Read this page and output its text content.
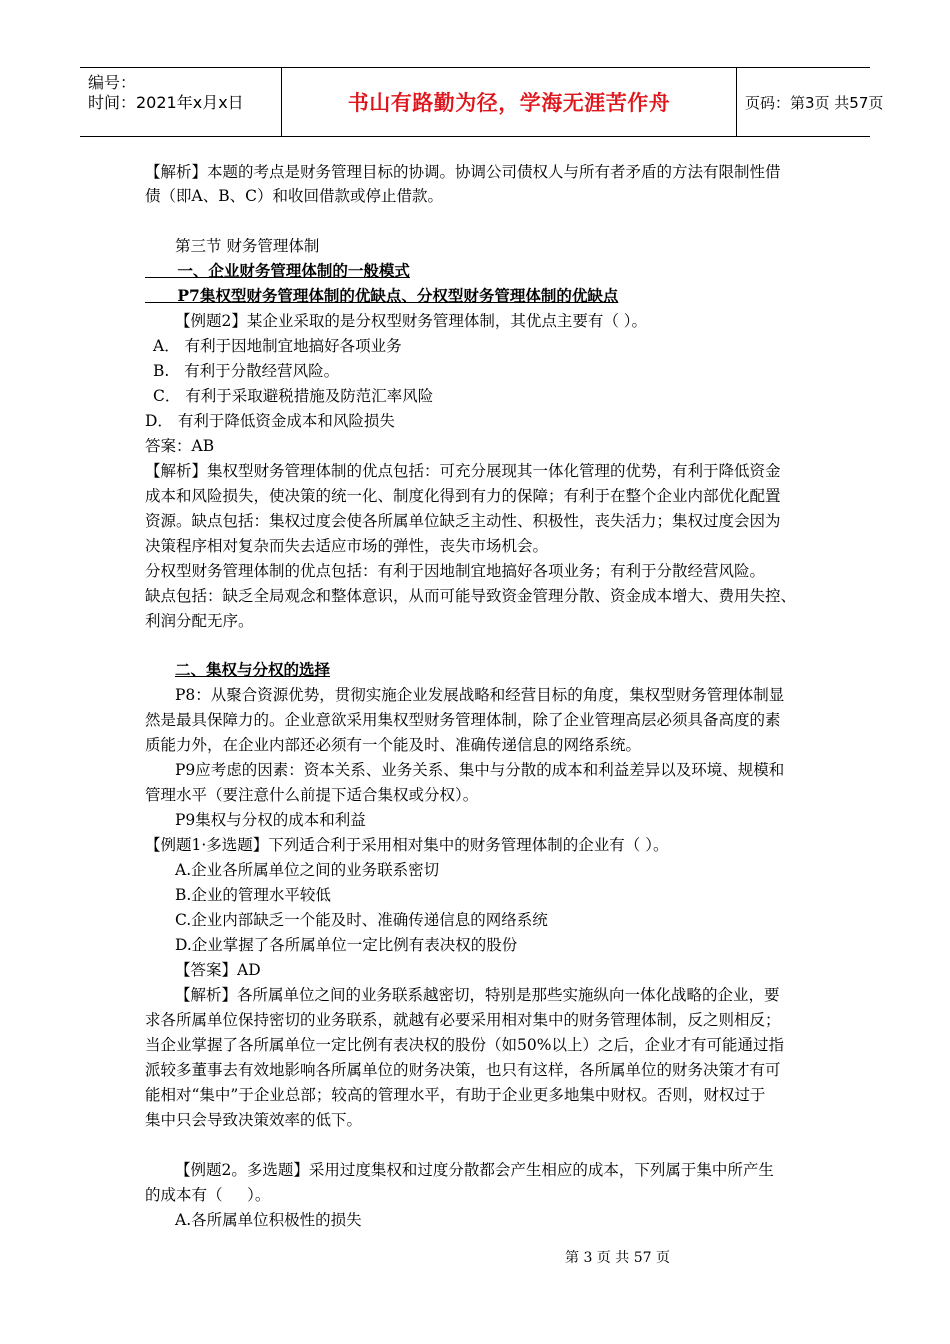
编号：
时间：2021年x月x日	书山有路勤为径，学海无涯苦作舟	页码：第3页 共57页
【解析】本题的考点是财务管理目标的协调。协调公司债权人与所有者矛盾的方法有限制性借
债（即A、B、C）和收回借款或停止借款。
第三节 财务管理体制
一、企业财务管理体制的一般模式
P7集权型财务管理体制的优缺点、分权型财务管理体制的优缺点
【例题2】某企业采取的是分权型财务管理体制，其优点主要有（ ）。
A． 有利于因地制宜地搞好各项业务
B.   有利于分散经营风险。
C． 有利于采取避税措施及防范汇率风险
D． 有利于降低资金成本和风险损失
答案：AB
【解析】集权型财务管理体制的优点包括：可充分展现其一体化管理的优势，有利于降低资金
成本和风险损失，使决策的统一化、制度化得到有力的保障；有利于在整个企业内部优化配置
资源。缺点包括：集权过度会使各所属单位缺乏主动性、积极性，丧失活力；集权过度会因为
决策程序相对复杂而失去适应市场的弹性，丧失市场机会。
分权型财务管理体制的优点包括：有利于因地制宜地搞好各项业务；有利于分散经营风险。
缺点包括：缺乏全局观念和整体意识，从而可能导致资金管理分散、资金成本增大、费用失控、
利润分配无序。
二、集权与分权的选择
P8：从聚合资源优势，贯彻实施企业发展战略和经营目标的角度，集权型财务管理体制显
然是最具保障力的。企业意欲采用集权型财务管理体制，除了企业管理高层必须具备高度的素
质能力外，在企业内部还必须有一个能及时、准确传递信息的网络系统。
P9应考虑的因素：资本关系、业务关系、集中与分散的成本和利益差异以及环境、规模和
管理水平（要注意什么前提下适合集权或分权）。
P9集权与分权的成本和利益
【例题1·多选题】下列适合利于采用相对集中的财务管理体制的企业有（ ）。
A.企业各所属单位之间的业务联系密切
B.企业的管理水平较低
C.企业内部缺乏一个能及时、准确传递信息的网络系统
D.企业掌握了各所属单位一定比例有表决权的股份
【答案】AD
【解析】各所属单位之间的业务联系越密切，特别是那些实施纵向一体化战略的企业，要
求各所属单位保持密切的业务联系，就越有必要采用相对集中的财务管理体制，反之则相反；
当企业掌握了各所属单位一定比例有表决权的股份（如50%以上）之后，企业才有可能通过指
派较多董事去有效地影响各所属单位的财务决策，也只有这样，各所属单位的财务决策才有可
能相对“集中”于企业总部；较高的管理水平，有助于企业更多地集中财权。否则，财权过于
集中只会导致决策效率的低下。
【例题2。多选题】采用过度集权和过度分散都会产生相应的成本，下列属于集中所产生
的成本有（     ）。
A.各所属单位积极性的损失
第 3 页 共 57 页
